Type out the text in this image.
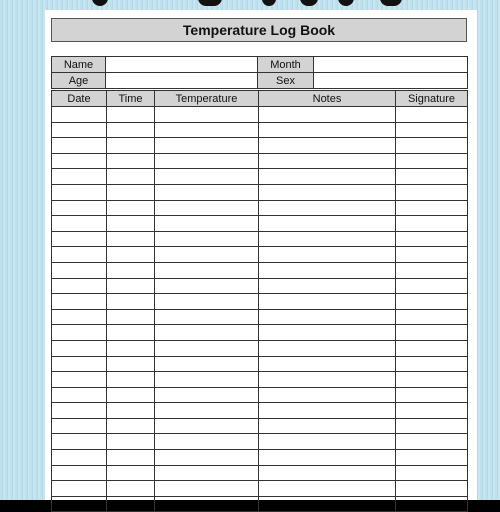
Temperature Log Book
Name		Month	
Age		Sex	
Date	Time	Temperature	Notes	Signature
